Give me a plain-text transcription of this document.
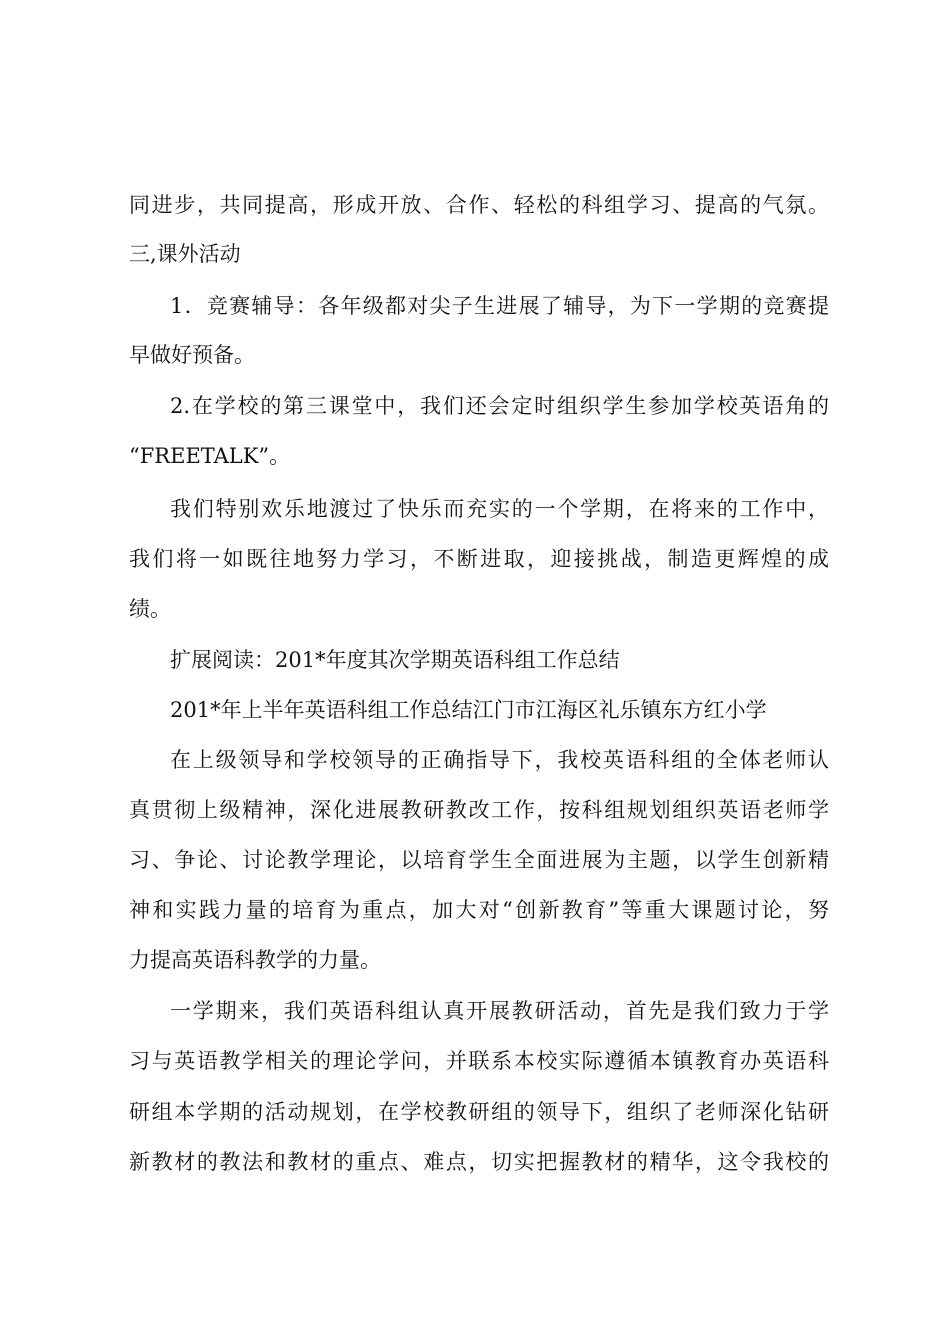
同进步，共同提高，形成开放、合作、轻松的科组学习、提高的气氛。
三,课外活动
1．竞赛辅导：各年级都对尖子生进展了辅导，为下一学期的竞赛提
早做好预备。
2.在学校的第三课堂中，我们还会定时组织学生参加学校英语角的
“FREETALK”。
我们特别欢乐地渡过了快乐而充实的一个学期，在将来的工作中，
我们将一如既往地努力学习，不断进取，迎接挑战，制造更辉煌的成
绩。
扩展阅读：201*年度其次学期英语科组工作总结
201*年上半年英语科组工作总结江门市江海区礼乐镇东方红小学
在上级领导和学校领导的正确指导下，我校英语科组的全体老师认
真贯彻上级精神，深化进展教研教改工作，按科组规划组织英语老师学
习、争论、讨论教学理论，以培育学生全面进展为主题，以学生创新精
神和实践力量的培育为重点，加大对“创新教育”等重大课题讨论，努
力提高英语科教学的力量。
一学期来，我们英语科组认真开展教研活动，首先是我们致力于学
习与英语教学相关的理论学问，并联系本校实际遵循本镇教育办英语科
研组本学期的活动规划，在学校教研组的领导下，组织了老师深化钻研
新教材的教法和教材的重点、难点，切实把握教材的精华，这令我校的
